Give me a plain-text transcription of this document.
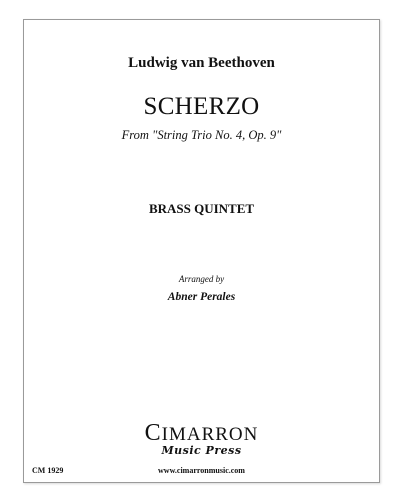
Ludwig van Beethoven
SCHERZO
From "String Trio No. 4, Op. 9"
BRASS QUINTET
Arranged by
Abner Perales
CIMARRON
Music Press
www.cimarronmusic.com
CM 1929
